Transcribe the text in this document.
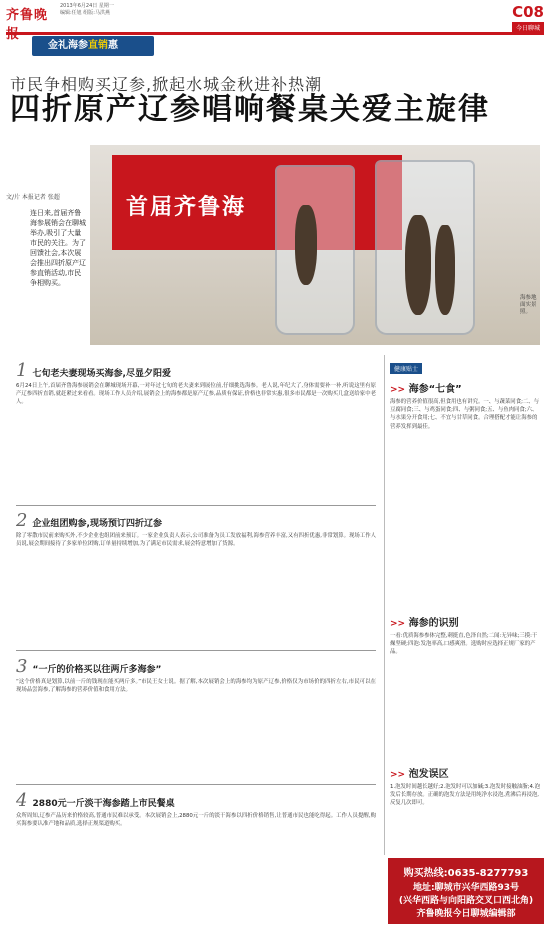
齐鲁晚
2013年6月24日 星期一
编辑:任旭 组版:马洪燕	C08
今日聊城
金礼海参直销惠
市民争相购买辽参,掀起水城金秋进补热潮
四折原产辽参唱响餐桌关爱主旋律
首届齐鲁海
海参地面实景照。
文/片 本报记者 张超
连日来,首届齐鲁海参展销会在聊城举办,吸引了大量市民的关注。为了回馈社会,本次展会推出四折原产辽参直销活动,市民争相购买。
1 七旬老夫妻现场买海参,尽显夕阳爱
6月24日上午,首届齐鲁海参展销会在聊城现场开幕,一对年过七旬的老夫妻来到展位前,仔细挑选海参。老人说,年纪大了,身体需要补一补,听说这里有原产辽参四折直销,就赶紧过来看看。现场工作人员介绍,展销会上的海参都是原产辽参,品质有保证,价格也非常实惠,很多市民都是一次购买几盒送给家中老人。
2 企业组团购参,现场预订四折辽参
除了零散市民前来购买外,不少企业也组团前来预订。一家企业负责人表示,公司准备为员工发放福利,海参营养丰富,又有四折优惠,非常划算。现场工作人员说,展会期间接待了多家单位团购,订单量持续增加,为了满足市民需求,展会特意增加了货源。
3 “一斤的价格买以往两斤多海参”
“这个价格真是划算,以前一斤的钱现在能买两斤多。”市民王女士说。据了解,本次展销会上的海参均为原产辽参,价格仅为市场价的四折左右,市民可以在现场品尝海参,了解海参的营养价值和食用方法。
4 2880元一斤淡干海参踏上市民餐桌
众所周知,辽参产品历来价格较高,普通市民难以承受。本次展销会上,2880元一斤的淡干海参以四折价格销售,让普通市民也能吃得起。工作人员提醒,购买海参要认准产地和品质,选择正规渠道购买。
健康贴士
>> 海参“七食”
海参的营养价值很高,但食用也有讲究。一、与蔬菜同食;二、与豆腐同食;三、与鸡蛋同食;四、与粥同食;五、与鱼肉同食;六、与水果分开食用;七、不宜与甘草同食。合理搭配才能让海参的营养发挥到最佳。
>> 海参的识别
一看:优质海参参体完整,刺挺直,色泽自然;二闻:无异味;三摸:干燥坚硬;四泡:发泡率高,口感爽滑。选购时应选择正规厂家的产品。
>> 泡发误区
1.泡发时间越长越好;2.泡发时可以加碱;3.泡发时接触油脂;4.泡发后长期存放。正确的泡发方法是用纯净水浸泡,煮沸后再浸泡,反复几次即可。
购买热线:0635-8277793
地址:聊城市兴华西路93号
(兴华西路与向阳路交叉口西北角)
齐鲁晚报今日聊城编辑部
